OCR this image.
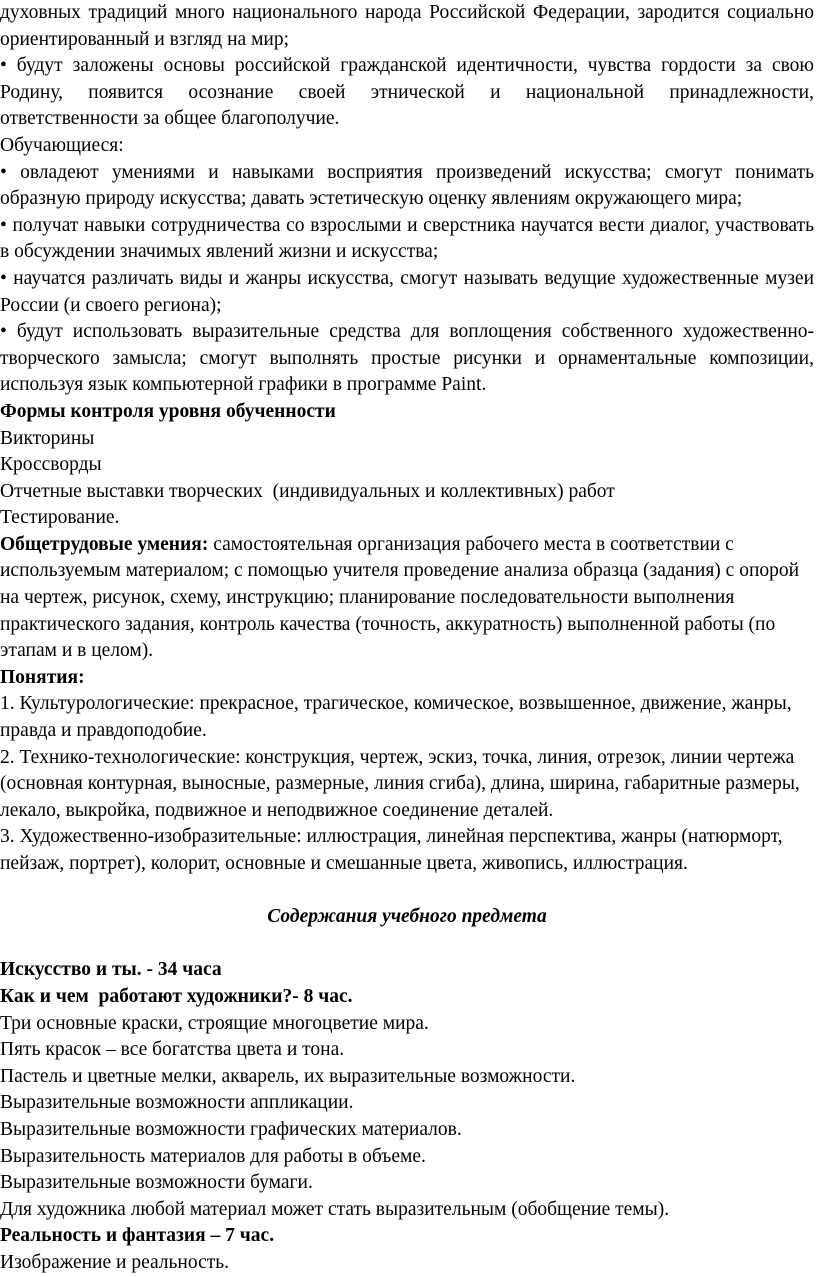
духовных традиций много национального народа Российской Федерации, зародится социально ориентированный и взгляд на мир;

• будут заложены основы российской гражданской идентичности, чувства гордости за свою Родину, появится осознание своей этнической и национальной принадлежности, ответственности за общее благополучие.

Обучающиеся:

• овладеют умениями и навыками восприятия произведений искусства; смогут понимать образную природу искусства; давать эстетическую оценку явлениям окружающего мира;

• получат навыки сотрудничества со взрослыми и сверстника научатся вести диалог, участвовать в обсуждении значимых явлений жизни и искусства;

• научатся различать виды и жанры искусства, смогут называть ведущие художественные музеи России (и своего региона);

• будут использовать выразительные средства для воплощения собственного художественно-творческого замысла; смогут выполнять простые рисунки и орнаментальные композиции, используя язык компьютерной графики в программе Paint.

Формы контроля уровня обученности

Викторины

Кроссворды

Отчетные выставки творческих  (индивидуальных и коллективных) работ

Тестирование.

Общетрудовые умения: самостоятельная организация рабочего места в соответствии с используемым материалом; с помощью учителя проведение анализа образца (задания) с опорой на чертеж, рисунок, схему, инструкцию; планирование последовательности выполнения практического задания, контроль качества (точность, аккуратность) выполненной работы (по этапам и в целом).

Понятия:

1. Культурологические: прекрасное, трагическое, комическое, возвышенное, движение, жанры, правда и правдоподобие.

2. Технико-технологические: конструкция, чертеж, эскиз, точка, линия, отрезок, линии чертежа (основная контурная, выносные, размерные, линия сгиба), длина, ширина, габаритные размеры, лекало, выкройка, подвижное и неподвижное соединение деталей.

3. Художественно-изобразительные: иллюстрация, линейная перспектива, жанры (натюрморт, пейзаж, портрет), колорит, основные и смешанные цвета, живопись, иллюстрация.

Содержания учебного предмета

Искусство и ты. - 34 часа

Как и чем  работают художники?- 8 час.

Три основные краски, строящие многоцветие мира.

Пять красок – все богатства цвета и тона.

Пастель и цветные мелки, акварель, их выразительные возможности.

Выразительные возможности аппликации.

Выразительные возможности графических материалов.

Выразительность материалов для работы в объеме.

Выразительные возможности бумаги.

Для художника любой материал может стать выразительным (обобщение темы).

Реальность и фантазия – 7 час.

Изображение и реальность.
